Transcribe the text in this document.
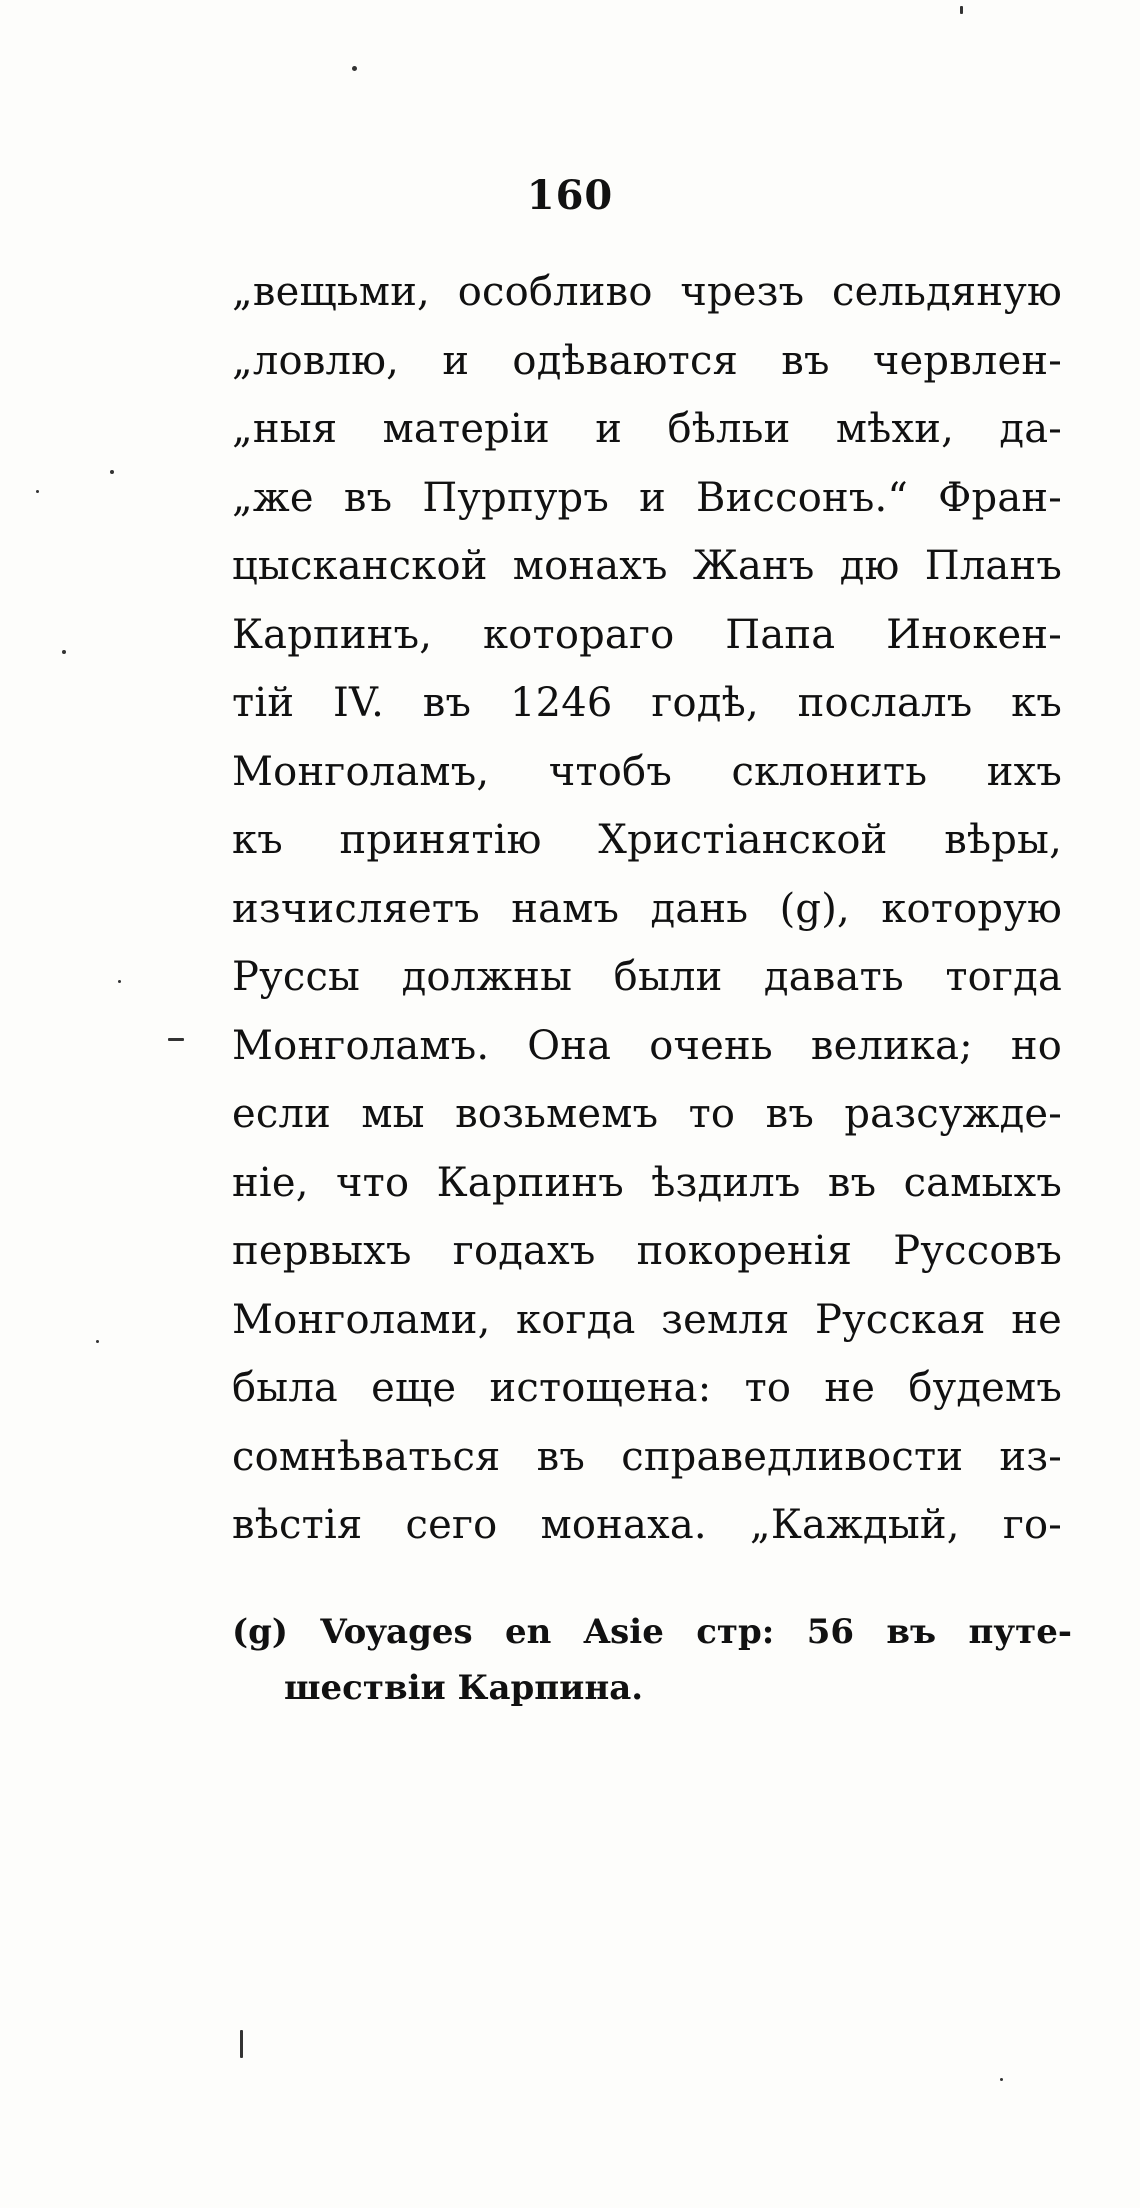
160
„вещьми, особливо чрезъ сельдяную
„ловлю, и одѣваются въ червлен-
„ныя матеріи и бѣльи мѣхи, да-
„же въ Пурпуръ и Виссонъ.“ Фран-
цысканской монахъ Жанъ дю Планъ
Карпинъ, котораго Папа Инокен-
тій IV. въ 1246 годѣ, послалъ къ
Монголамъ, чтобъ склонить ихъ
къ принятію Христіанской вѣры,
изчисляетъ намъ дань (g), которую
Руссы должны были давать тогда
Монголамъ. Она очень велика; но
если мы возьмемъ то въ разсужде-
ніе, что Карпинъ ѣздилъ въ самыхъ
первыхъ годахъ покоренія Руссовъ
Монголами, когда земля Русская не
была еще истощена: то не будемъ
сомнѣваться въ справедливости из-
вѣстія сего монаха. „Каждый, го-
(g) Voyages en Asie стр: 56 въ путе-
шествіи Карпина.
